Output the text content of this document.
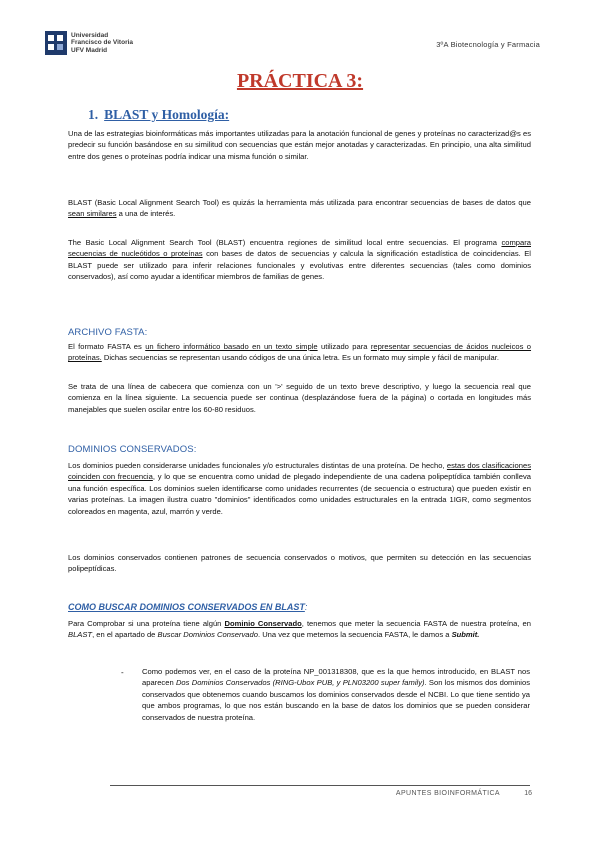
Universidad
Francisco de Vitoria
UFV Madrid
3ºA Biotecnología y Farmacia
PRÁCTICA 3:
1. BLAST y Homología:
Una de las estrategias bioinformáticas más importantes utilizadas para la anotación funcional de genes y proteínas no caracterizad@s es predecir su función basándose en su similitud con secuencias que están mejor anotadas y caracterizadas. En principio, una alta similitud entre dos genes o proteínas podría indicar una misma función o similar.
BLAST (Basic Local Alignment Search Tool) es quizás la herramienta más utilizada para encontrar secuencias de bases de datos que sean similares a una de interés.
The Basic Local Alignment Search Tool (BLAST) encuentra regiones de similitud local entre secuencias. El programa compara secuencias de nucleótidos o proteínas con bases de datos de secuencias y calcula la significación estadística de coincidencias. El BLAST puede ser utilizado para inferir relaciones funcionales y evolutivas entre diferentes secuencias (tales como dominios conservados), así como ayudar a identificar miembros de familias de genes.
ARCHIVO FASTA:
El formato FASTA es un fichero informático basado en un texto simple utilizado para representar secuencias de ácidos nucleicos o proteínas. Dichas secuencias se representan usando códigos de una única letra. Es un formato muy simple y fácil de manipular.
Se trata de una línea de cabecera que comienza con un '>' seguido de un texto breve descriptivo, y luego la secuencia real que comienza en la línea siguiente. La secuencia puede ser continua (desplazándose fuera de la página) o cortada en longitudes más manejables que suelen oscilar entre los 60-80 residuos.
DOMINIOS CONSERVADOS:
Los dominios pueden considerarse unidades funcionales y/o estructurales distintas de una proteína. De hecho, estas dos clasificaciones coinciden con frecuencia, y lo que se encuentra como unidad de plegado independiente de una cadena polipeptídica también conlleva una función específica. Los dominios suelen identificarse como unidades recurrentes (de secuencia o estructura) que pueden existir en varias proteínas. La imagen ilustra cuatro "dominios" identificados como unidades estructurales en la entrada 1IGR, como segmentos coloreados en magenta, azul, marrón y verde.
Los dominios conservados contienen patrones de secuencia conservados o motivos, que permiten su detección en las secuencias polipeptídicas.
COMO BUSCAR DOMINIOS CONSERVADOS EN BLAST:
Para Comprobar si una proteína tiene algún Dominio Conservado, tenemos que meter la secuencia FASTA de nuestra proteína, en BLAST, en el apartado de Buscar Dominios Conservado. Una vez que metemos la secuencia FASTA, le damos a Submit.
- Como podemos ver, en el caso de la proteína NP_001318308, que es la que hemos introducido, en BLAST nos aparecen Dos Dominios Conservados (RING-Ubox PUB, y PLN03200 super family). Son los mismos dos dominios conservados que obtenemos cuando buscamos los dominios conservados desde el NCBI. Lo que tiene sentido ya que ambos programas, lo que nos están buscando en la base de datos los dominios que se pueden considerar conservados de nuestra proteína.
APUNTES BIOINFORMÁTICA	16
